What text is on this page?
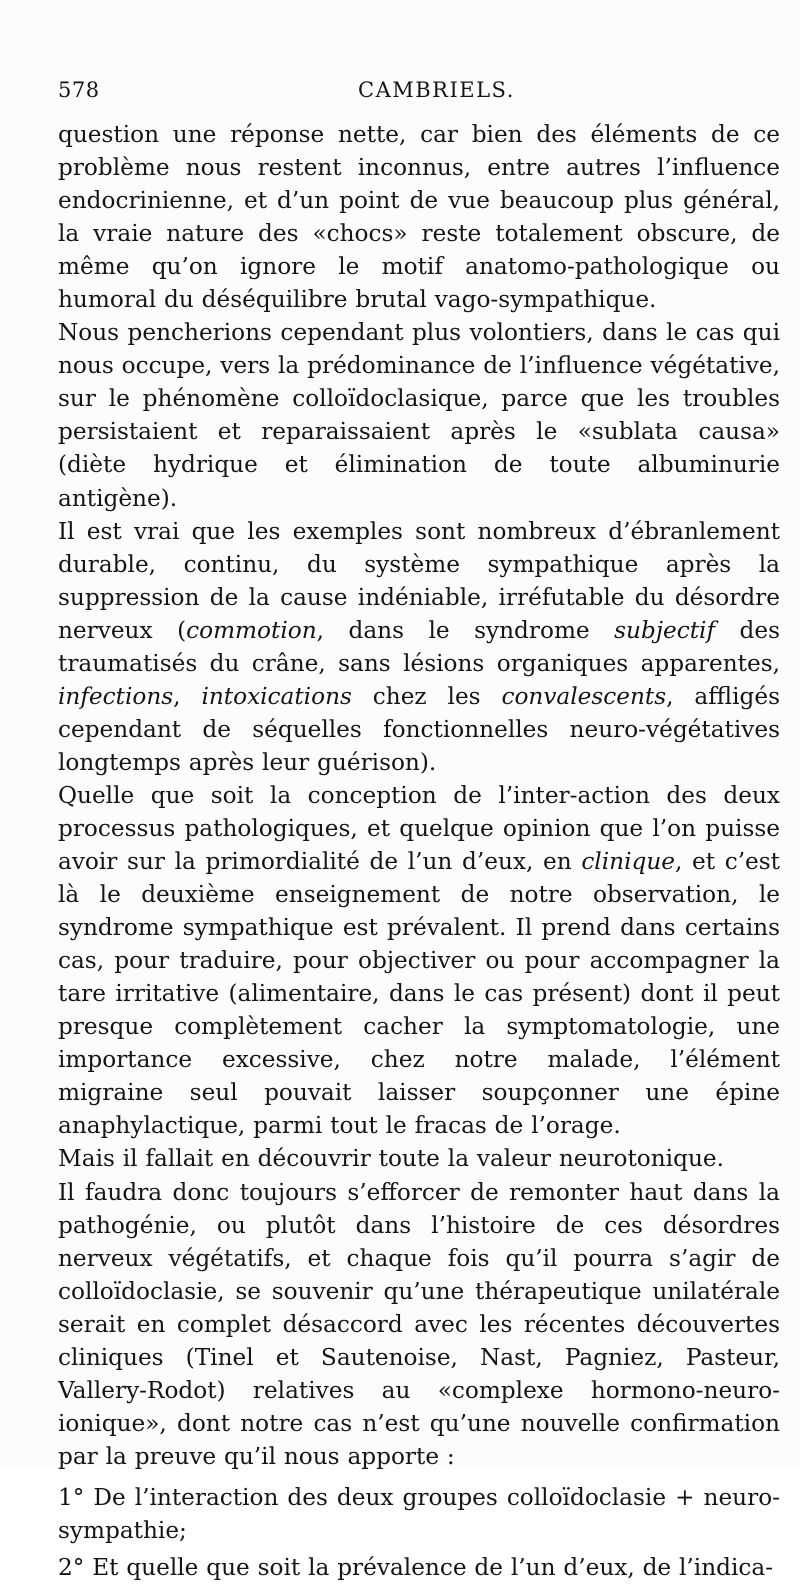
578	CAMBRIELS.

question une réponse nette, car bien des éléments de ce problème nous restent inconnus, entre autres l’influence endocrinienne, et d’un point de vue beaucoup plus général, la vraie nature des «chocs» reste totalement obscure, de même qu’on ignore le motif anatomo-pathologique ou humoral du déséquilibre brutal vago-sympathique.

Nous pencherions cependant plus volontiers, dans le cas qui nous occupe, vers la prédominance de l’influence végétative, sur le phénomène colloïdoclasique, parce que les troubles persistaient et reparaissaient après le «sublata causa» (diète hydrique et élimination de toute albuminurie antigène).

Il est vrai que les exemples sont nombreux d’ébranlement durable, continu, du système sympathique après la suppression de la cause indéniable, irréfutable du désordre nerveux (commotion, dans le syndrome subjectif des traumatisés du crâne, sans lésions organiques apparentes, infections, intoxications chez les convalescents, affligés cependant de séquelles fonctionnelles neuro-végétatives longtemps après leur guérison).

Quelle que soit la conception de l’inter-action des deux processus pathologiques, et quelque opinion que l’on puisse avoir sur la primordialité de l’un d’eux, en clinique, et c’est là le deuxième enseignement de notre observation, le syndrome sympathique est prévalent. Il prend dans certains cas, pour traduire, pour objectiver ou pour accompagner la tare irritative (alimentaire, dans le cas présent) dont il peut presque complètement cacher la symptomatologie, une importance excessive, chez notre malade, l’élément migraine seul pouvait laisser soupçonner une épine anaphylactique, parmi tout le fracas de l’orage.

Mais il fallait en découvrir toute la valeur neurotonique.

Il faudra donc toujours s’efforcer de remonter haut dans la pathogénie, ou plutôt dans l’histoire de ces désordres nerveux végétatifs, et chaque fois qu’il pourra s’agir de colloïdoclasie, se souvenir qu’une thérapeutique unilatérale serait en complet désaccord avec les récentes découvertes cliniques (Tinel et Sautenoise, Nast, Pagniez, Pasteur, Vallery-Rodot) relatives au «complexe hormono-neuro-ionique», dont notre cas n’est qu’une nouvelle confirmation par la preuve qu’il nous apporte :

1° De l’interaction des deux groupes colloïdoclasie + neuro-sympathie;

2° Et quelle que soit la prévalence de l’un d’eux, de l’indica-
